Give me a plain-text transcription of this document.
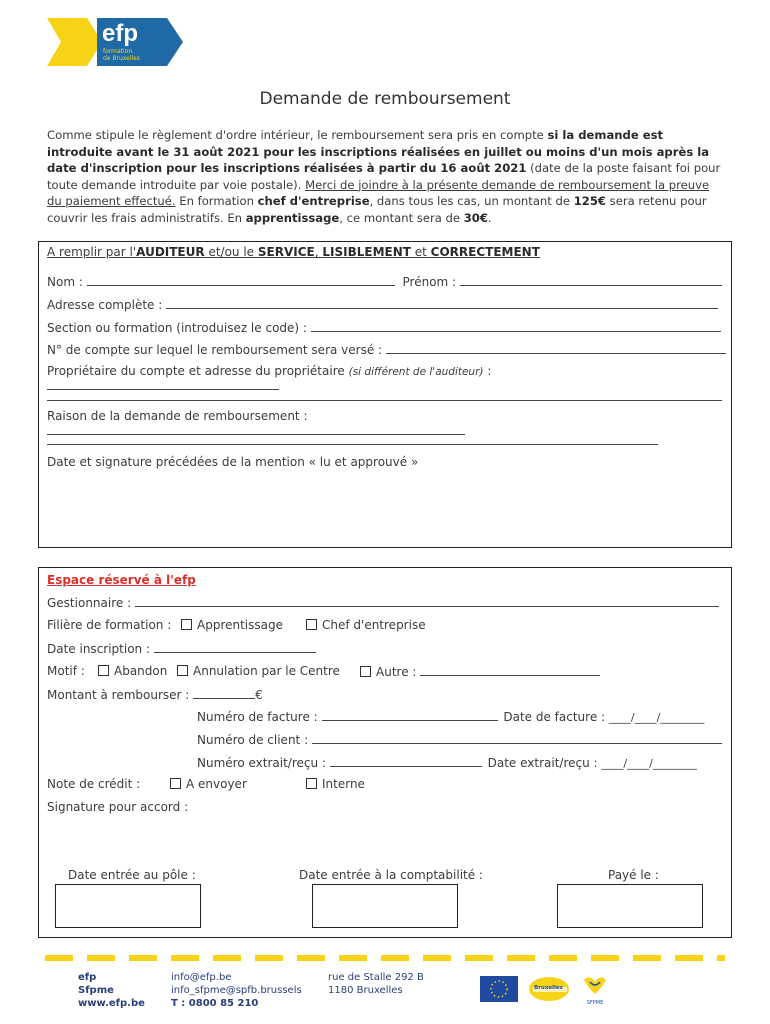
efp
formation
de Bruxelles
Demande de remboursement
Comme stipule le règlement d'ordre intérieur, le remboursement sera pris en compte si la demande est introduite avant le 31 août 2021 pour les inscriptions réalisées en juillet ou moins d'un mois après la date d'inscription pour les inscriptions réalisées à partir du 16 août 2021 (date de la poste faisant foi pour toute demande introduite par voie postale). Merci de joindre à la présente demande de remboursement la preuve du paiement effectué. En formation chef d'entreprise, dans tous les cas, un montant de 125€ sera retenu pour couvrir les frais administratifs. En apprentissage, ce montant sera de 30€.
A remplir par l'AUDITEUR et/ou le SERVICE, LISIBLEMENT et CORRECTEMENT
Nom :	Prénom :
Adresse complète :
Section ou formation (introduisez le code) :
N° de compte sur lequel le remboursement sera versé :
Propriétaire du compte et adresse du propriétaire (si différent de l'auditeur) :
Raison de la demande de remboursement :
Date et signature précédées de la mention « lu et approuvé »
Espace réservé à l'efp
Gestionnaire :
Filière de formation :	Apprentissage	Chef d'entreprise
Date inscription :
Motif :	Abandon	Annulation par le Centre	Autre :
Montant à rembourser :	€
Numéro de facture :	Date de facture : ____/____/________
Numéro de client :
Numéro extrait/reçu :	Date extrait/reçu : ____/____/________
Note de crédit :	A envoyer	Interne
Signature pour accord :
Date entrée au pôle :	Date entrée à la comptabilité :	Payé le :
efp
Sfpme
www.efp.be
info@efp.be
info_sfpme@spfb.brussels
T : 0800 85 210
rue de Stalle 292 B
1180 Bruxelles	Bruxelles
SFPME
